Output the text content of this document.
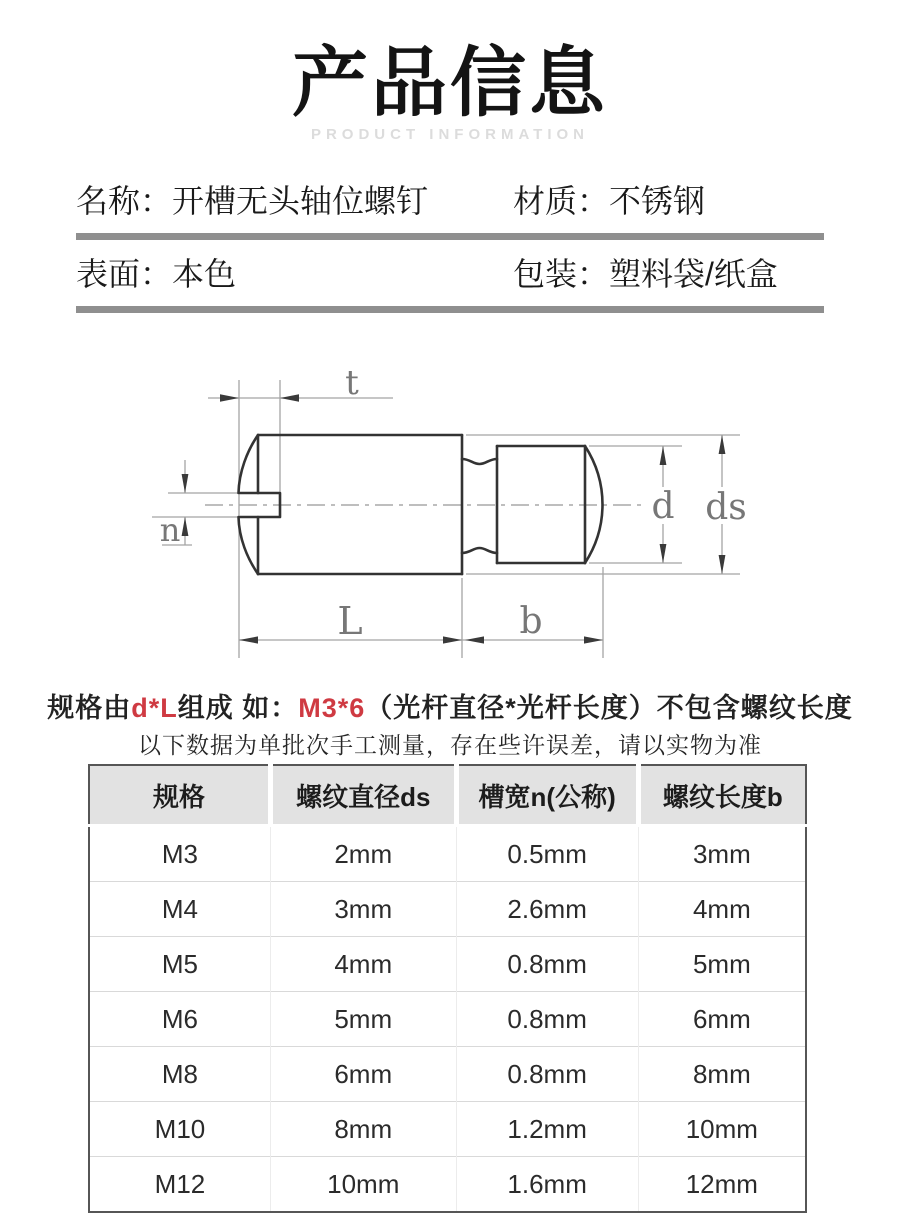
产品信息
PRODUCT INFORMATION
名称：开槽无头轴位螺钉	材质：不锈钢
表面：本色	包装：塑料袋/纸盒
t
n
d ds
L	b
规格由d*L组成 如：M3*6（光杆直径*光杆长度）不包含螺纹长度
以下数据为单批次手工测量，存在些许误差，请以实物为准
规格	螺纹直径ds	槽宽n(公称)	螺纹长度b
M3	2mm	0.5mm	3mm
M4	3mm	2.6mm	4mm
M5	4mm	0.8mm	5mm
M6	5mm	0.8mm	6mm
M8	6mm	0.8mm	8mm
M10	8mm	1.2mm	10mm
M12	10mm	1.6mm	12mm
